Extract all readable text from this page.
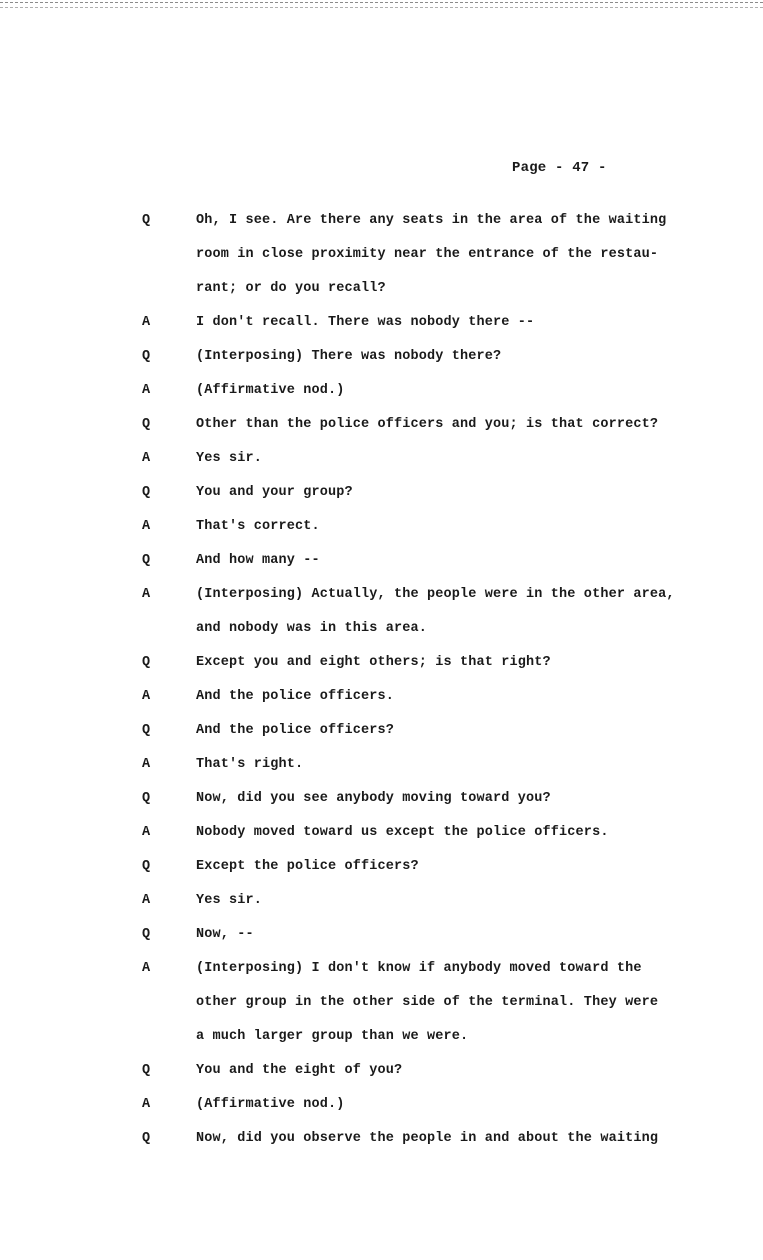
Page - 47 -
Q	Oh, I see. Are there any seats in the area of the waiting
room in close proximity near the entrance of the restau-
rant; or do you recall?
A	I don't recall. There was nobody there --
Q	(Interposing) There was nobody there?
A	(Affirmative nod.)
Q	Other than the police officers and you; is that correct?
A	Yes sir.
Q	You and your group?
A	That's correct.
Q	And how many --
A	(Interposing) Actually, the people were in the other area,
and nobody was in this area.
Q	Except you and eight others; is that right?
A	And the police officers.
Q	And the police officers?
A	That's right.
Q	Now, did you see anybody moving toward you?
A	Nobody moved toward us except the police officers.
Q	Except the police officers?
A	Yes sir.
Q	Now, --
A	(Interposing) I don't know if anybody moved toward the
other group in the other side of the terminal. They were
a much larger group than we were.
Q	You and the eight of you?
A	(Affirmative nod.)
Q	Now, did you observe the people in and about the waiting
